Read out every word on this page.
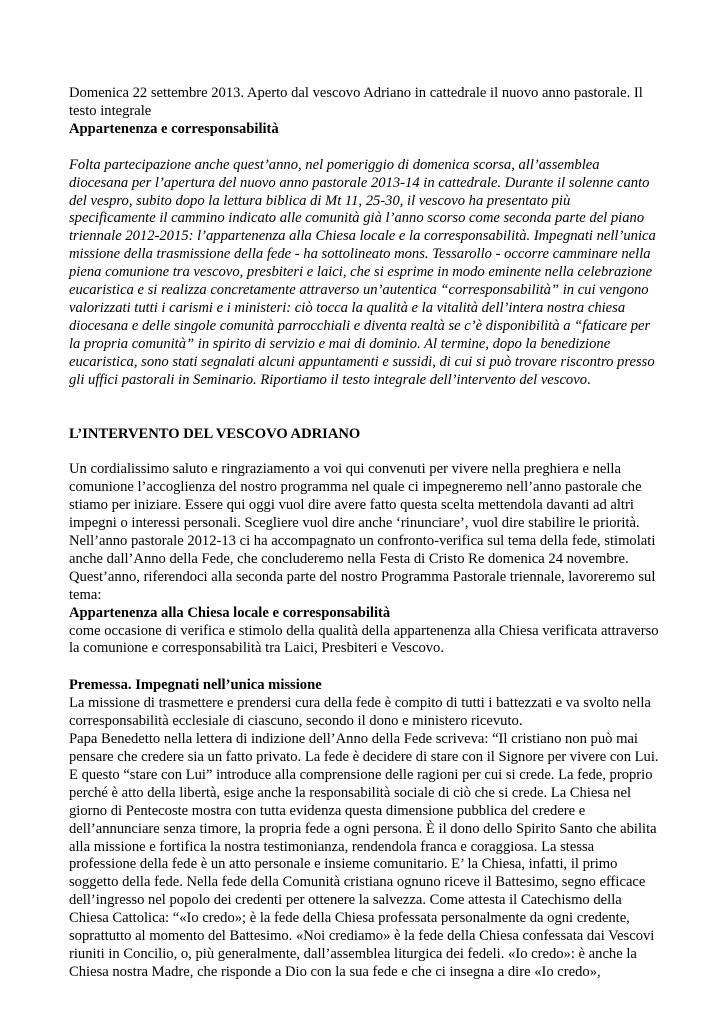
Domenica 22 settembre 2013. Aperto dal vescovo Adriano in cattedrale il nuovo anno pastorale. Il testo integrale

Appartenenza e corresponsabilità

Folta partecipazione anche quest’anno, nel pomeriggio di domenica scorsa, all’assemblea diocesana per l’apertura del nuovo anno pastorale 2013-14 in cattedrale. Durante il solenne canto del vespro, subito dopo la lettura biblica di Mt 11, 25-30, il vescovo ha presentato più specificamente il cammino indicato alle comunità già l’anno scorso come seconda parte del piano triennale 2012-2015: l’appartenenza alla Chiesa locale e la corresponsabilità. Impegnati nell’unica missione della trasmissione della fede - ha sottolineato mons. Tessarollo - occorre camminare nella piena comunione tra vescovo, presbiteri e laici, che si esprime in modo eminente nella celebrazione eucaristica e si realizza concretamente attraverso un’autentica “corresponsabilità” in cui vengono valorizzati tutti i carismi e i ministeri: ciò tocca la qualità e la vitalità dell’intera nostra chiesa diocesana e delle singole comunità parrocchiali e diventa realtà se c’è disponibilità a “faticare per la propria comunità” in spirito di servizio e mai di dominio. Al termine, dopo la benedizione eucaristica, sono stati segnalati alcuni appuntamenti e sussidi, di cui si può trovare riscontro presso gli uffici pastorali in Seminario. Riportiamo il testo integrale dell’intervento del vescovo.

L’INTERVENTO DEL VESCOVO ADRIANO

Un cordialissimo saluto e ringraziamento a voi qui convenuti per vivere nella preghiera e nella comunione l’accoglienza del nostro programma nel quale ci impegneremo nell’anno pastorale che stiamo per iniziare. Essere qui oggi vuol dire avere fatto questa scelta mettendola davanti ad altri impegni o interessi personali. Scegliere vuol dire anche ‘rinunciare’, vuol dire stabilire le priorità. Nell’anno pastorale 2012-13 ci ha accompagnato un confronto-verifica sul tema della fede, stimolati anche dall’Anno della Fede, che concluderemo nella Festa di Cristo Re domenica 24 novembre. Quest’anno, riferendoci alla seconda parte del nostro Programma Pastorale triennale, lavoreremo sul tema:

Appartenenza alla Chiesa locale e corresponsabilità

come occasione di verifica e stimolo della qualità della appartenenza alla Chiesa verificata attraverso la comunione e corresponsabilità tra Laici, Presbiteri e Vescovo.

Premessa. Impegnati nell’unica missione

La missione di trasmettere e prendersi cura della fede è compito di tutti i battezzati e va svolto nella corresponsabilità ecclesiale di ciascuno, secondo il dono e ministero ricevuto.

Papa Benedetto nella lettera di indizione dell’Anno della Fede scriveva: “Il cristiano non può mai pensare che credere sia un fatto privato. La fede è decidere di stare con il Signore per vivere con Lui. E questo “stare con Lui” introduce alla comprensione delle ragioni per cui si crede. La fede, proprio perché è atto della libertà, esige anche la responsabilità sociale di ciò che si crede. La Chiesa nel giorno di Pentecoste mostra con tutta evidenza questa dimensione pubblica del credere e dell’annunciare senza timore, la propria fede a ogni persona. È il dono dello Spirito Santo che abilita alla missione e fortifica la nostra testimonianza, rendendola franca e coraggiosa. La stessa professione della fede è un atto personale e insieme comunitario. E’ la Chiesa, infatti, il primo soggetto della fede. Nella fede della Comunità cristiana ognuno riceve il Battesimo, segno efficace dell’ingresso nel popolo dei credenti per ottenere la salvezza. Come attesta il Catechismo della Chiesa Cattolica: “«Io credo»; è la fede della Chiesa professata personalmente da ogni credente, soprattutto al momento del Battesimo. «Noi crediamo» è la fede della Chiesa confessata dai Vescovi riuniti in Concilio, o, più generalmente, dall’assemblea liturgica dei fedeli. «Io credo»: è anche la Chiesa nostra Madre, che risponde a Dio con la sua fede e che ci insegna a dire «Io credo»,
